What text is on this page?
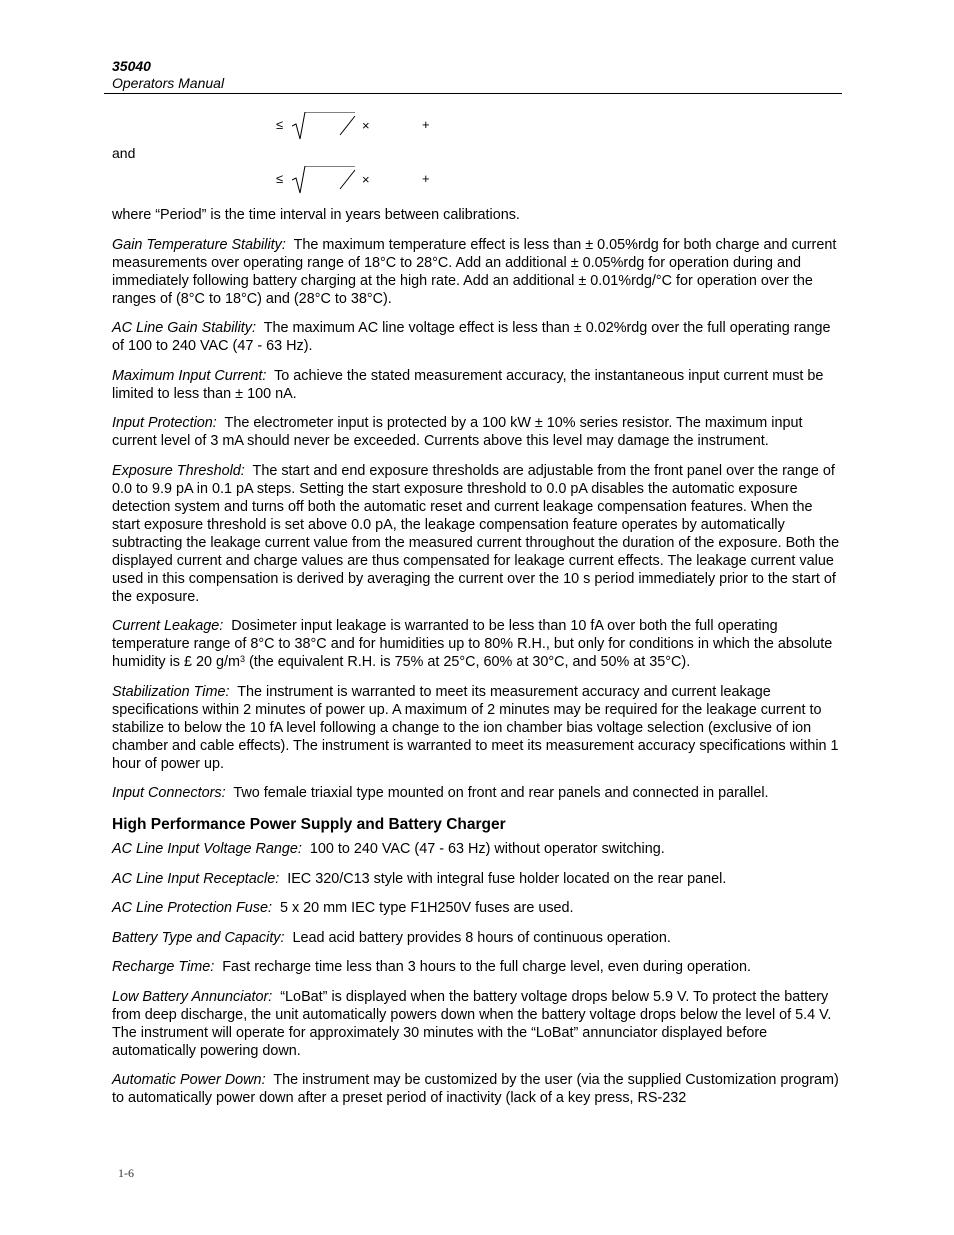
35040

Operators Manual

≤	×	+
and
≤	×	+

where “Period” is the time interval in years between calibrations.

Gain Temperature Stability: The maximum temperature effect is less than ± 0.05%rdg for both charge and current measurements over operating range of 18°C to 28°C. Add an additional ± 0.05%rdg for operation during and immediately following battery charging at the high rate. Add an additional ± 0.01%rdg/°C for operation over the ranges of (8°C to 18°C) and (28°C to 38°C).

AC Line Gain Stability: The maximum AC line voltage effect is less than ± 0.02%rdg over the full operating range of 100 to 240 VAC (47 - 63 Hz).

Maximum Input Current: To achieve the stated measurement accuracy, the instantaneous input current must be limited to less than ± 100 nA.

Input Protection: The electrometer input is protected by a 100 kW ± 10% series resistor. The maximum input current level of 3 mA should never be exceeded. Currents above this level may damage the instrument.

Exposure Threshold: The start and end exposure thresholds are adjustable from the front panel over the range of 0.0 to 9.9 pA in 0.1 pA steps. Setting the start exposure threshold to 0.0 pA disables the automatic exposure detection system and turns off both the automatic reset and current leakage compensation features. When the start exposure threshold is set above 0.0 pA, the leakage compensation feature operates by automatically subtracting the leakage current value from the measured current throughout the duration of the exposure. Both the displayed current and charge values are thus compensated for leakage current effects. The leakage current value used in this compensation is derived by averaging the current over the 10 s period immediately prior to the start of the exposure.

Current Leakage: Dosimeter input leakage is warranted to be less than 10 fA over both the full operating temperature range of 8°C to 38°C and for humidities up to 80% R.H., but only for conditions in which the absolute humidity is £ 20 $g/m^3$ (the equivalent R.H. is 75% at 25°C, 60% at 30°C, and 50% at 35°C).

Stabilization Time: The instrument is warranted to meet its measurement accuracy and current leakage specifications within 2 minutes of power up. A maximum of 2 minutes may be required for the leakage current to stabilize to below the 10 fA level following a change to the ion chamber bias voltage selection (exclusive of ion chamber and cable effects). The instrument is warranted to meet its measurement accuracy specifications within 1 hour of power up.

Input Connectors: Two female triaxial type mounted on front and rear panels and connected in parallel.

High Performance Power Supply and Battery Charger

AC Line Input Voltage Range: 100 to 240 VAC (47 - 63 Hz) without operator switching.

AC Line Input Receptacle: IEC 320/C13 style with integral fuse holder located on the rear panel.

AC Line Protection Fuse: 5 x 20 mm IEC type F1H250V fuses are used.

Battery Type and Capacity: Lead acid battery provides 8 hours of continuous operation.

Recharge Time: Fast recharge time less than 3 hours to the full charge level, even during operation.

Low Battery Annunciator: “LoBat” is displayed when the battery voltage drops below 5.9 V. To protect the battery from deep discharge, the unit automatically powers down when the battery voltage drops below the level of 5.4 V. The instrument will operate for approximately 30 minutes with the “LoBat” annunciator displayed before automatically powering down.

Automatic Power Down: The instrument may be customized by the user (via the supplied Customization program) to automatically power down after a preset period of inactivity (lack of a key press, RS-232

1-6
